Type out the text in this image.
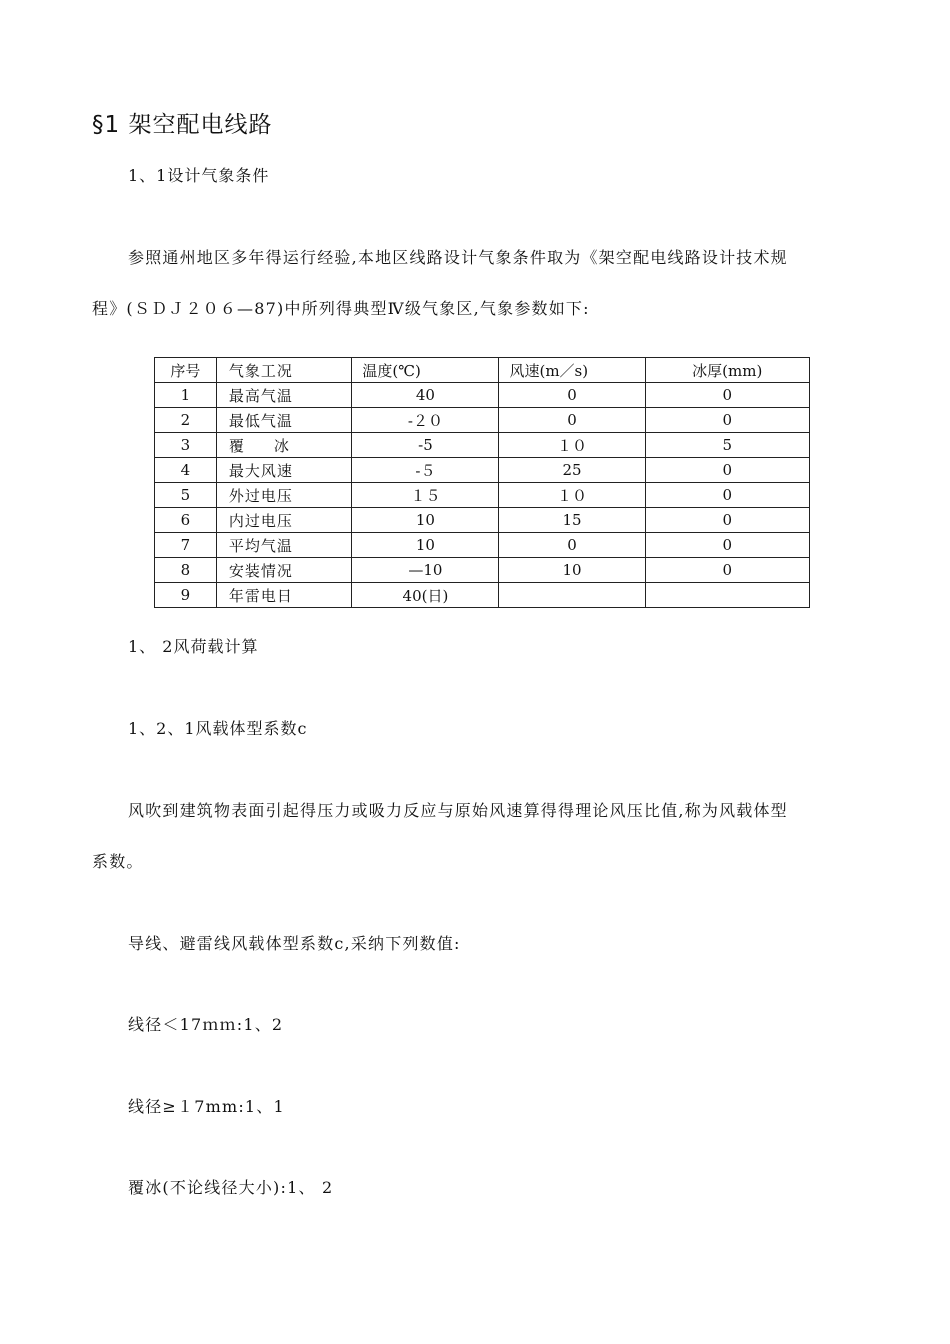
§1 架空配电线路
1、1设计气象条件
参照通州地区多年得运行经验,本地区线路设计气象条件取为《架空配电线路设计技术规
程》(ＳＤＪ２０６—87)中所列得典型Ⅳ级气象区,气象参数如下:
序号	气象工况	温度(℃)	风速(m／s)	冰厚(mm)
1	最高气温	40	0	0
2	最低气温	-２０	0	0
3	覆　　冰	-5	１０	5
4	最大风速	-５	25	0
5	外过电压	１５	１０	0
6	内过电压	10	15	0
7	平均气温	10	0	0
8	安装情况	—10	10	0
9	年雷电日	40(日)		
1、 2风荷载计算
1、2、1风载体型系数c
风吹到建筑物表面引起得压力或吸力反应与原始风速算得得理论风压比值,称为风载体型
系数。
导线、避雷线风载体型系数c,采纳下列数值:
线径＜17ｍｍ:1、2
线径≥１7mm:1、1
覆冰(不论线径大小):1、 2
